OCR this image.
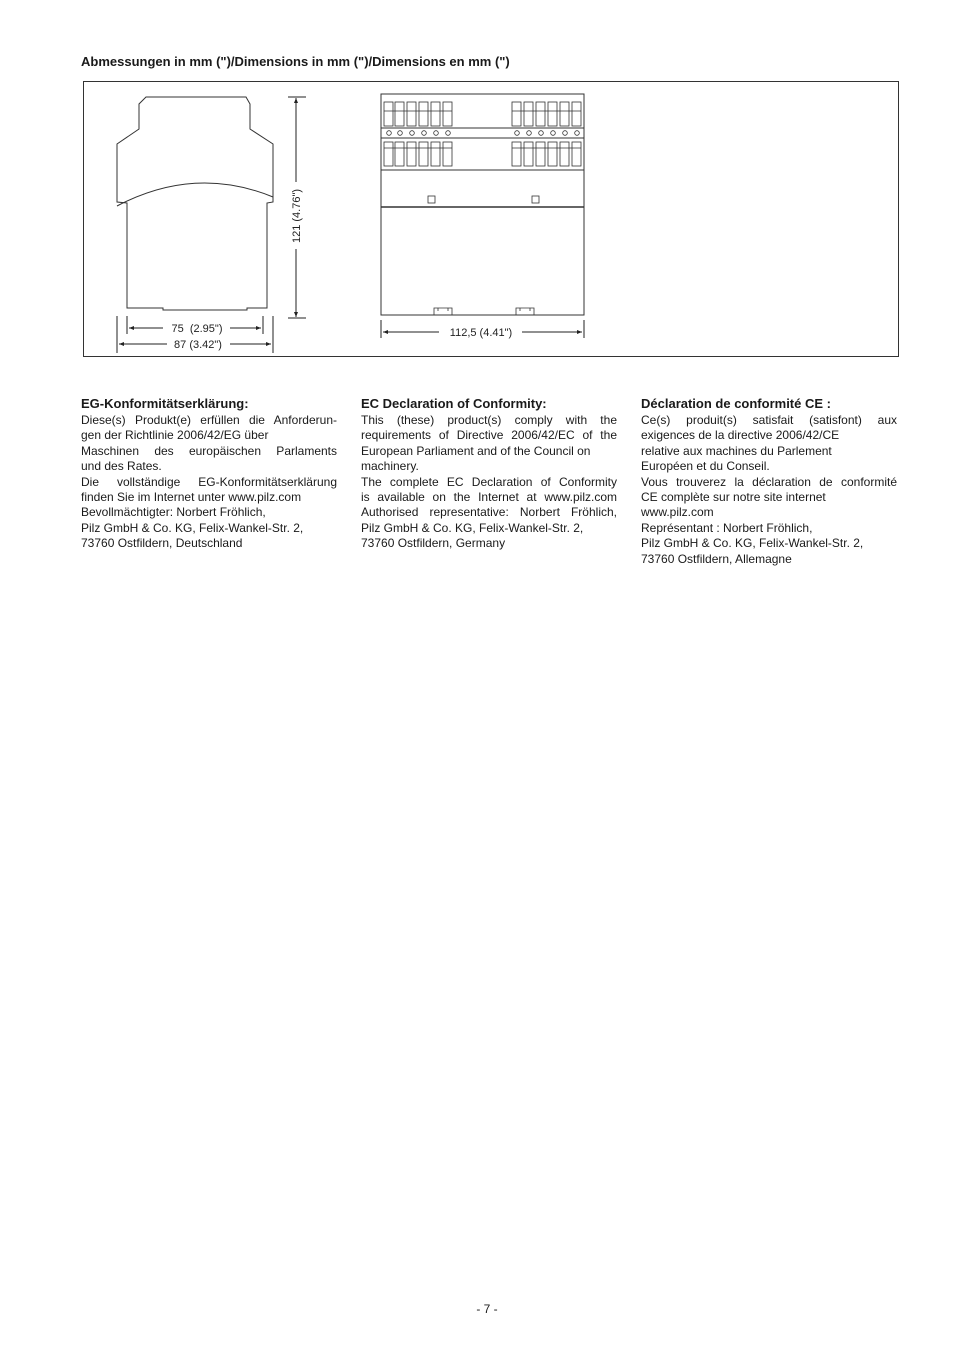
Abmessungen in mm (")/Dimensions in mm (")/Dimensions en mm (")
121 (4.76")
75  (2.95")
87 (3.42")
112,5 (4.41")
EG-Konformitätserklärung:
Diese(s) Produkt(e) erfüllen die Anforderun-
gen der Richtlinie 2006/42/EG über
Maschinen des europäischen Parlaments
und des Rates.
Die vollständige EG-Konformitätserklärung
finden Sie im Internet unter www.pilz.com
Bevollmächtigter: Norbert Fröhlich,
Pilz GmbH & Co. KG, Felix-Wankel-Str. 2,
73760 Ostfildern, Deutschland
EC Declaration of Conformity:
This (these) product(s) comply with the
requirements of Directive 2006/42/EC of the
European Parliament and of the Council on
machinery.
The complete EC Declaration of Conformity
is available on the Internet at www.pilz.com
Authorised representative: Norbert Fröhlich,
Pilz GmbH & Co. KG, Felix-Wankel-Str. 2,
73760 Ostfildern, Germany
Déclaration de conformité CE :
Ce(s) produit(s) satisfait (satisfont) aux
exigences de la directive 2006/42/CE
relative aux machines du Parlement
Européen et du Conseil.
Vous trouverez la déclaration de conformité
CE complète sur notre site internet
www.pilz.com
Représentant : Norbert Fröhlich,
Pilz GmbH & Co. KG, Felix-Wankel-Str. 2,
73760 Ostfildern, Allemagne
- 7 -
